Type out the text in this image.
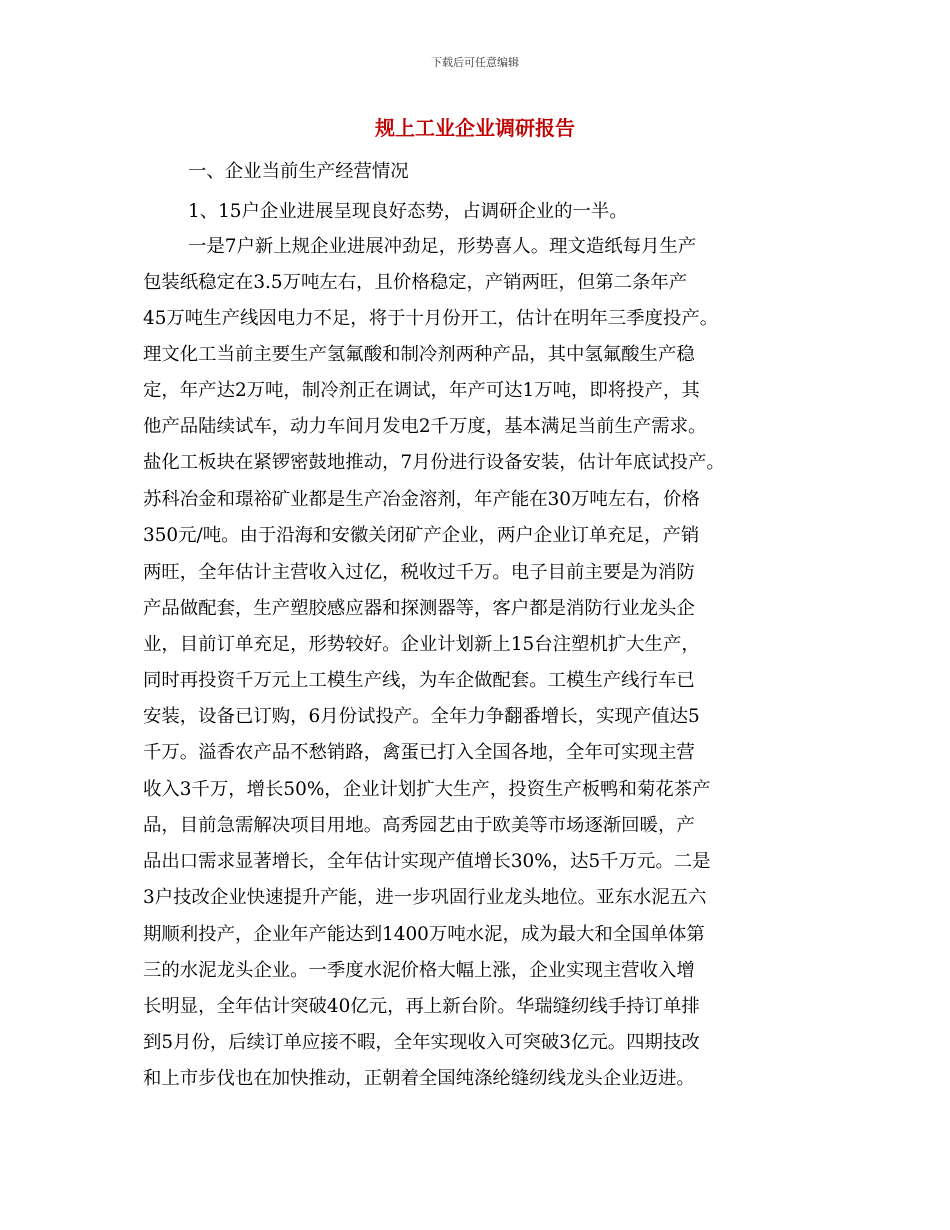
下载后可任意编辑
规上工业企业调研报告
一、企业当前生产经营情况
1、15户企业进展呈现良好态势，占调研企业的一半。
一是7户新上规企业进展冲劲足，形势喜人。理文造纸每月生产
包装纸稳定在3.5万吨左右，且价格稳定，产销两旺，但第二条年产
45万吨生产线因电力不足，将于十月份开工，估计在明年三季度投产。
理文化工当前主要生产氢氟酸和制冷剂两种产品，其中氢氟酸生产稳
定，年产达2万吨，制冷剂正在调试，年产可达1万吨，即将投产，其
他产品陆续试车，动力车间月发电2千万度，基本满足当前生产需求。
盐化工板块在紧锣密鼓地推动，7月份进行设备安装，估计年底试投产。
苏科冶金和璟裕矿业都是生产冶金溶剂，年产能在30万吨左右，价格
350元/吨。由于沿海和安徽关闭矿产企业，两户企业订单充足，产销
两旺，全年估计主营收入过亿，税收过千万。电子目前主要是为消防
产品做配套，生产塑胶感应器和探测器等，客户都是消防行业龙头企
业，目前订单充足，形势较好。企业计划新上15台注塑机扩大生产，
同时再投资千万元上工模生产线，为车企做配套。工模生产线行车已
安装，设备已订购，6月份试投产。全年力争翻番增长，实现产值达5
千万。溢香农产品不愁销路，禽蛋已打入全国各地，全年可实现主营
收入3千万，增长50%，企业计划扩大生产，投资生产板鸭和菊花茶产
品，目前急需解决项目用地。高秀园艺由于欧美等市场逐渐回暖，产
品出口需求显著增长，全年估计实现产值增长30%，达5千万元。二是
3户技改企业快速提升产能，进一步巩固行业龙头地位。亚东水泥五六
期顺利投产，企业年产能达到1400万吨水泥，成为最大和全国单体第
三的水泥龙头企业。一季度水泥价格大幅上涨，企业实现主营收入增
长明显，全年估计突破40亿元，再上新台阶。华瑞缝纫线手持订单排
到5月份，后续订单应接不暇，全年实现收入可突破3亿元。四期技改
和上市步伐也在加快推动，正朝着全国纯涤纶缝纫线龙头企业迈进。
